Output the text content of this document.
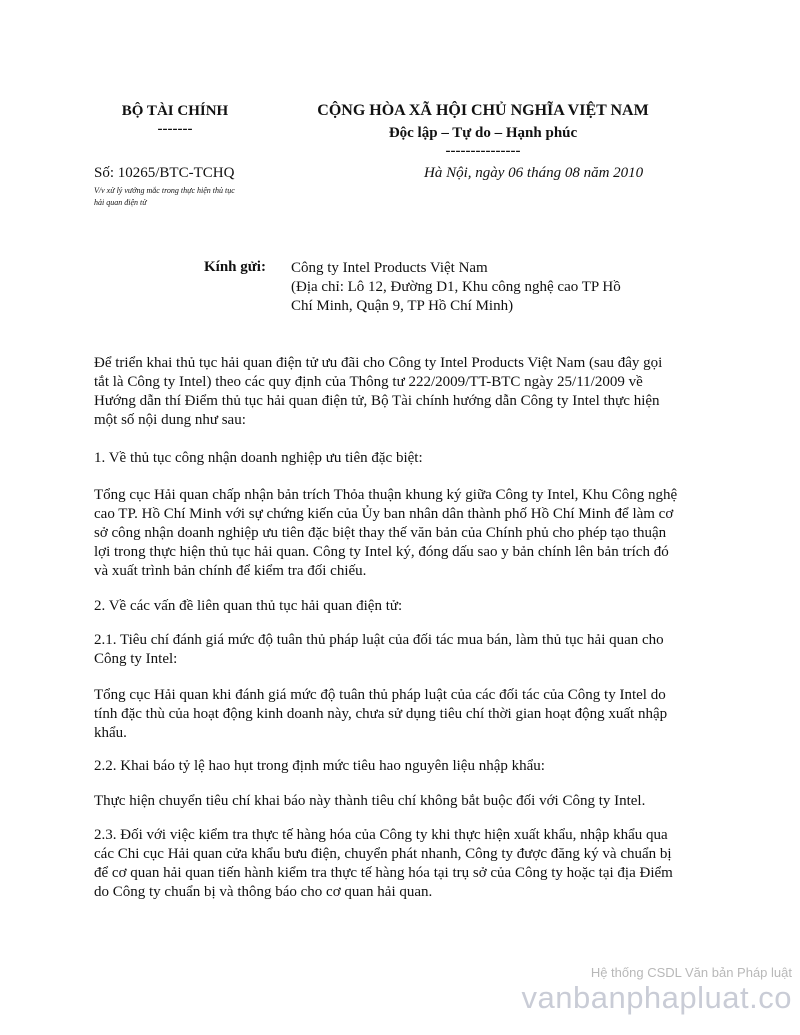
BỘ TÀI CHÍNH
-------
CỘNG HÒA XÃ HỘI CHỦ NGHĨA VIỆT NAM
Độc lập – Tự do – Hạnh phúc
---------------
Số: 10265/BTC-TCHQ
V/v xử lý vướng mắc trong thực hiện thủ tục
hải quan điện tử
Hà Nội, ngày 06 tháng 08 năm 2010
Kính gửi: Công ty Intel Products Việt Nam
(Địa chỉ: Lô 12, Đường D1, Khu công nghệ cao TP Hồ
Chí Minh, Quận 9, TP Hồ Chí Minh)
Để triển khai thủ tục hải quan điện tử ưu đãi cho Công ty Intel Products Việt Nam (sau đây gọi
tắt là Công ty Intel) theo các quy định của Thông tư 222/2009/TT-BTC ngày 25/11/2009 về
Hướng dẫn thí Điểm thủ tục hải quan điện tử, Bộ Tài chính hướng dẫn Công ty Intel thực hiện
một số nội dung như sau:
1. Về thủ tục công nhận doanh nghiệp ưu tiên đặc biệt:
Tổng cục Hải quan chấp nhận bản trích Thỏa thuận khung ký giữa Công ty Intel, Khu Công nghệ
cao TP. Hồ Chí Minh với sự chứng kiến của Ủy ban nhân dân thành phố Hồ Chí Minh để làm cơ
sở công nhận doanh nghiệp ưu tiên đặc biệt thay thế văn bản của Chính phủ cho phép tạo thuận
lợi trong thực hiện thủ tục hải quan. Công ty Intel ký, đóng dấu sao y bản chính lên bản trích đó
và xuất trình bản chính để kiểm tra đối chiếu.
2. Về các vấn đề liên quan thủ tục hải quan điện tử:
2.1. Tiêu chí đánh giá mức độ tuân thủ pháp luật của đối tác mua bán, làm thủ tục hải quan cho
Công ty Intel:
Tổng cục Hải quan khi đánh giá mức độ tuân thủ pháp luật của các đối tác của Công ty Intel do
tính đặc thù của hoạt động kinh doanh này, chưa sử dụng tiêu chí thời gian hoạt động xuất nhập
khẩu.
2.2. Khai báo tỷ lệ hao hụt trong định mức tiêu hao nguyên liệu nhập khẩu:
Thực hiện chuyển tiêu chí khai báo này thành tiêu chí không bắt buộc đối với Công ty Intel.
2.3. Đối với việc kiểm tra thực tế hàng hóa của Công ty khi thực hiện xuất khẩu, nhập khẩu qua
các Chi cục Hải quan cửa khẩu bưu điện, chuyển phát nhanh, Công ty được đăng ký và chuẩn bị
để cơ quan hải quan tiến hành kiểm tra thực tế hàng hóa tại trụ sở của Công ty hoặc tại địa Điểm
do Công ty chuẩn bị và thông báo cho cơ quan hải quan.
Hệ thống CSDL Văn bản Pháp luật
vanbanphapluat.co
